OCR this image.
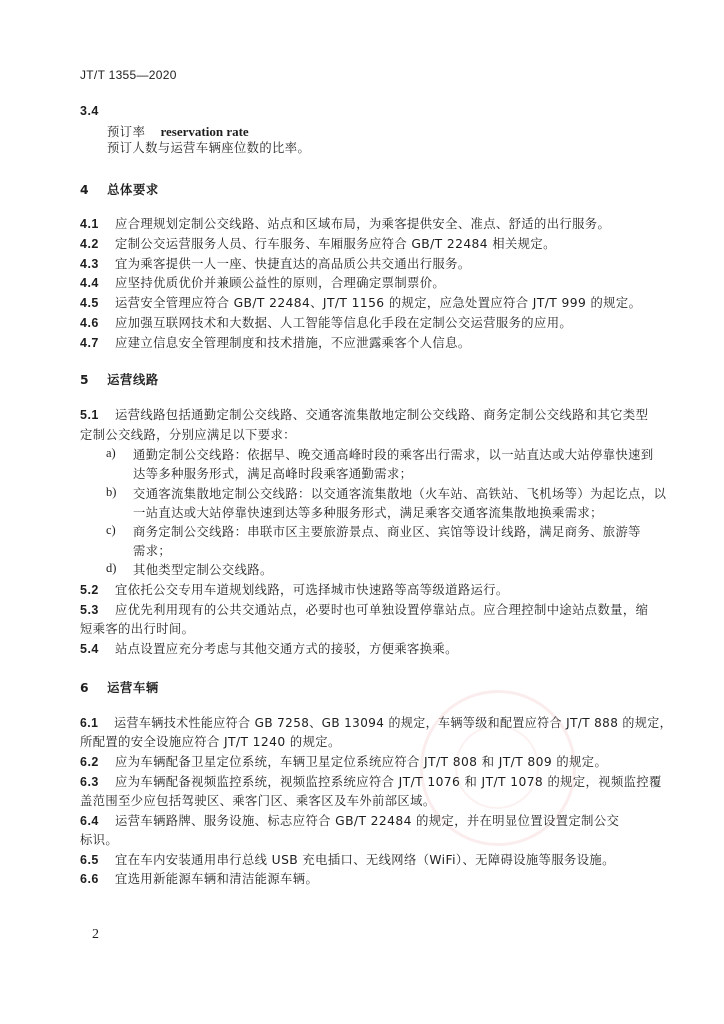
JT/T 1355—2020
3.4
预订率 reservation rate
预订人数与运营车辆座位数的比率。
4 总体要求
4.1 应合理规划定制公交线路、站点和区域布局，为乘客提供安全、准点、舒适的出行服务。
4.2 定制公交运营服务人员、行车服务、车厢服务应符合 GB/T 22484 相关规定。
4.3 宜为乘客提供一人一座、快捷直达的高品质公共交通出行服务。
4.4 应坚持优质优价并兼顾公益性的原则，合理确定票制票价。
4.5 运营安全管理应符合 GB/T 22484、JT/T 1156 的规定，应急处置应符合 JT/T 999 的规定。
4.6 应加强互联网技术和大数据、人工智能等信息化手段在定制公交运营服务的应用。
4.7 应建立信息安全管理制度和技术措施，不应泄露乘客个人信息。
5 运营线路
5.1 运营线路包括通勤定制公交线路、交通客流集散地定制公交线路、商务定制公交线路和其它类型
定制公交线路，分别应满足以下要求：
a) 通勤定制公交线路：依据早、晚交通高峰时段的乘客出行需求，以一站直达或大站停靠快速到
达等多种服务形式，满足高峰时段乘客通勤需求；
b) 交通客流集散地定制公交线路：以交通客流集散地（火车站、高铁站、飞机场等）为起讫点，以
一站直达或大站停靠快速到达等多种服务形式，满足乘客交通客流集散地换乘需求；
c) 商务定制公交线路：串联市区主要旅游景点、商业区、宾馆等设计线路，满足商务、旅游等
需求；
d) 其他类型定制公交线路。
5.2 宜依托公交专用车道规划线路，可选择城市快速路等高等级道路运行。
5.3 应优先利用现有的公共交通站点，必要时也可单独设置停靠站点。应合理控制中途站点数量，缩
短乘客的出行时间。
5.4 站点设置应充分考虑与其他交通方式的接驳，方便乘客换乘。
6 运营车辆
6.1 运营车辆技术性能应符合 GB 7258、GB 13094 的规定，车辆等级和配置应符合 JT/T 888 的规定，
所配置的安全设施应符合 JT/T 1240 的规定。
6.2 应为车辆配备卫星定位系统，车辆卫星定位系统应符合 JT/T 808 和 JT/T 809 的规定。
6.3 应为车辆配备视频监控系统，视频监控系统应符合 JT/T 1076 和 JT/T 1078 的规定，视频监控覆
盖范围至少应包括驾驶区、乘客门区、乘客区及车外前部区域。
6.4 运营车辆路牌、服务设施、标志应符合 GB/T 22484 的规定，并在明显位置设置定制公交
标识。
6.5 宜在车内安装通用串行总线 USB 充电插口、无线网络（WiFi）、无障碍设施等服务设施。
6.6 宜选用新能源车辆和清洁能源车辆。
2
